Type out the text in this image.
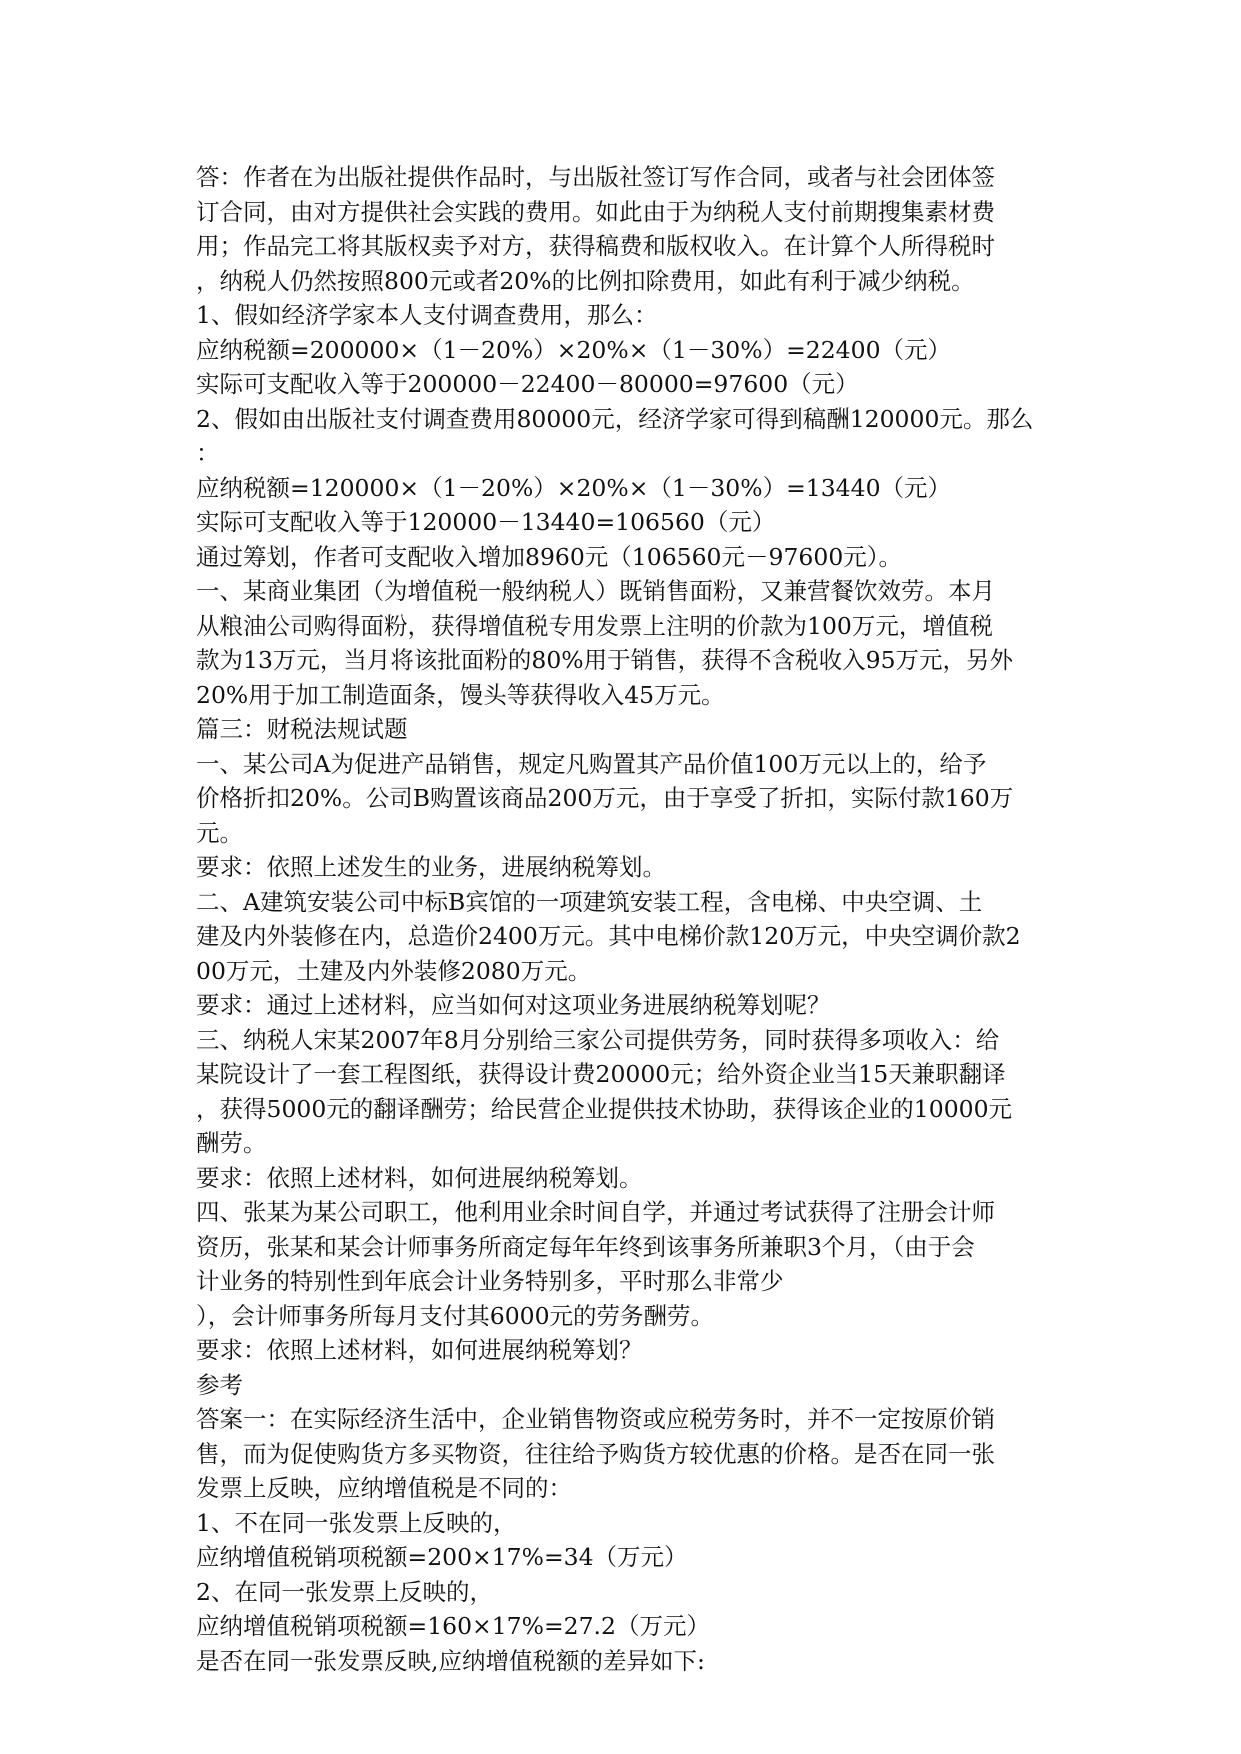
答：作者在为出版社提供作品时，与出版社签订写作合同，或者与社会团体签
订合同，由对方提供社会实践的费用。如此由于为纳税人支付前期搜集素材费
用；作品完工将其版权卖予对方，获得稿费和版权收入。在计算个人所得税时
，纳税人仍然按照800元或者20%的比例扣除费用，如此有利于减少纳税。
1、假如经济学家本人支付调查费用，那么：
应纳税额=200000×（1－20%）×20%×（1－30%）=22400（元）
实际可支配收入等于200000－22400－80000=97600（元）
2、假如由出版社支付调查费用80000元，经济学家可得到稿酬120000元。那么
：
应纳税额=120000×（1－20%）×20%×（1－30%）=13440（元）
实际可支配收入等于120000－13440=106560（元）
通过筹划，作者可支配收入增加8960元（106560元－97600元）。
一、某商业集团（为增值税一般纳税人）既销售面粉，又兼营餐饮效劳。本月
从粮油公司购得面粉，获得增值税专用发票上注明的价款为100万元，增值税
款为13万元，当月将该批面粉的80%用于销售，获得不含税收入95万元，另外
20%用于加工制造面条，馒头等获得收入45万元。
篇三：财税法规试题
一、某公司A为促进产品销售，规定凡购置其产品价值100万元以上的，给予
价格折扣20%。公司B购置该商品200万元，由于享受了折扣，实际付款160万
元。
要求：依照上述发生的业务，进展纳税筹划。
二、A建筑安装公司中标B宾馆的一项建筑安装工程，含电梯、中央空调、土
建及内外装修在内，总造价2400万元。其中电梯价款120万元，中央空调价款2
00万元，土建及内外装修2080万元。
要求：通过上述材料，应当如何对这项业务进展纳税筹划呢？
三、纳税人宋某2007年8月分别给三家公司提供劳务，同时获得多项收入：给
某院设计了一套工程图纸，获得设计费20000元；给外资企业当15天兼职翻译
，获得5000元的翻译酬劳；给民营企业提供技术协助，获得该企业的10000元
酬劳。
要求：依照上述材料，如何进展纳税筹划。
四、张某为某公司职工，他利用业余时间自学，并通过考试获得了注册会计师
资历，张某和某会计师事务所商定每年年终到该事务所兼职3个月，（由于会
计业务的特别性到年底会计业务特别多，平时那么非常少
），会计师事务所每月支付其6000元的劳务酬劳。
要求：依照上述材料，如何进展纳税筹划？
参考
答案一：在实际经济生活中，企业销售物资或应税劳务时，并不一定按原价销
售，而为促使购货方多买物资，往往给予购货方较优惠的价格。是否在同一张
发票上反映，应纳增值税是不同的：
1、不在同一张发票上反映的，
应纳增值税销项税额=200×17%=34（万元）
2、在同一张发票上反映的，
应纳增值税销项税额=160×17%=27.2（万元）
是否在同一张发票反映,应纳增值税额的差异如下:
